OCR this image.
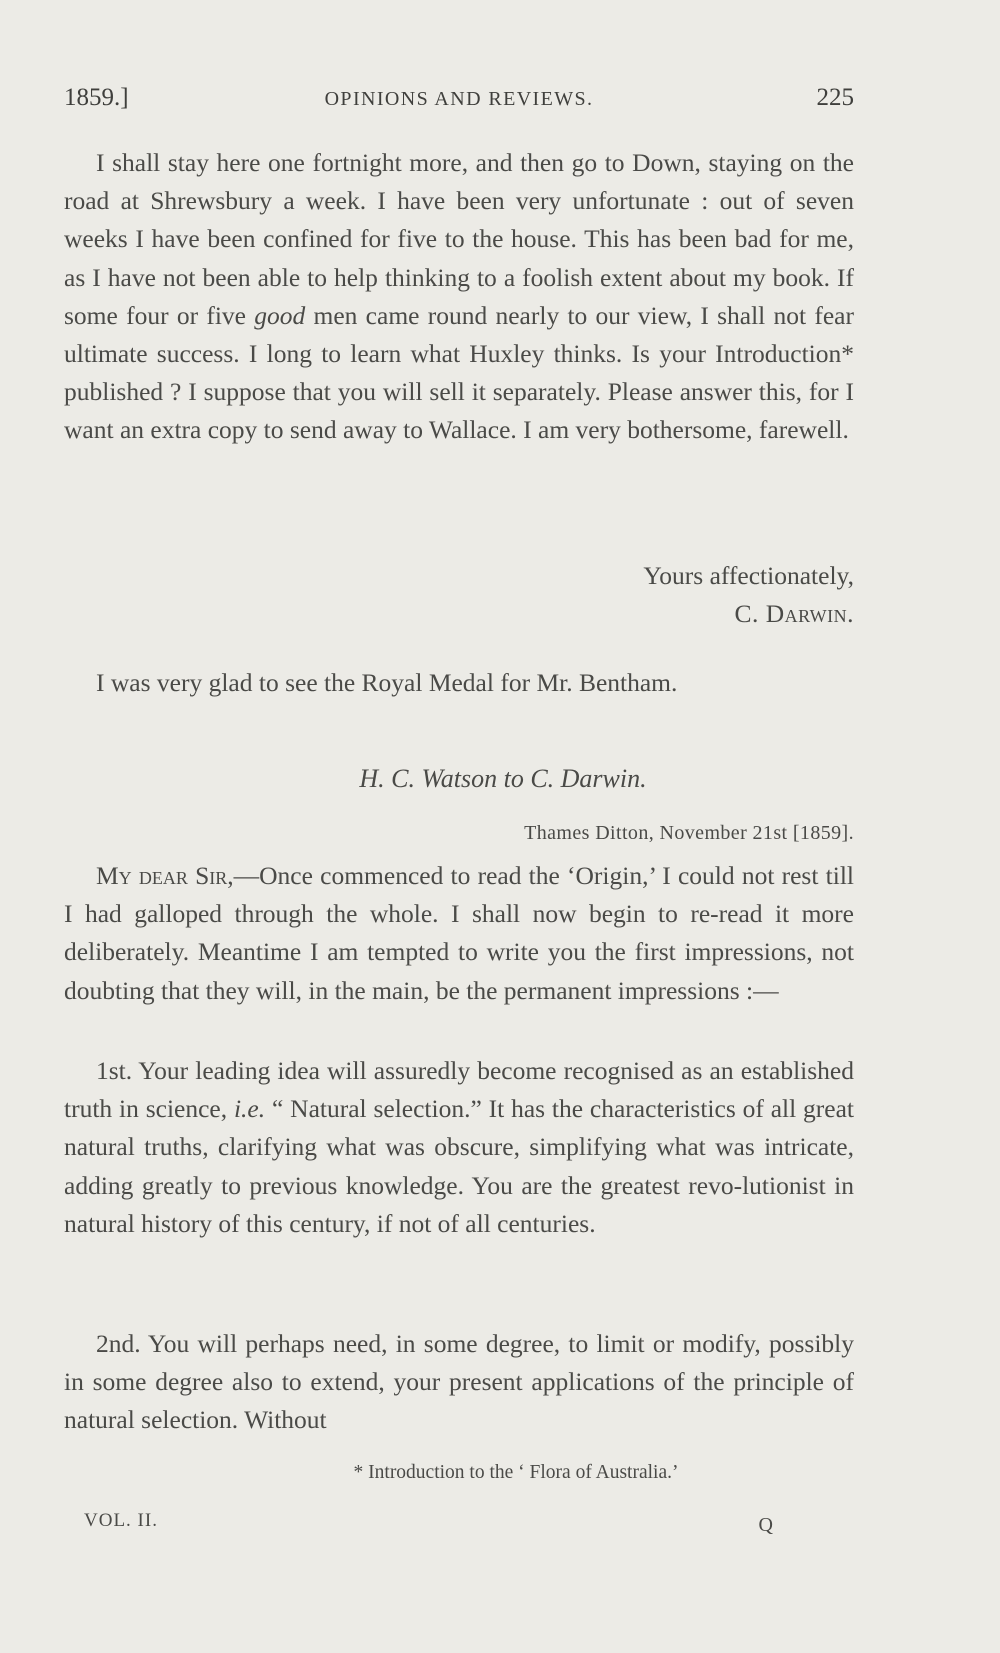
1859.]	OPINIONS AND REVIEWS.	225

I shall stay here one fortnight more, and then go to Down, staying on the road at Shrewsbury a week. I have been very unfortunate : out of seven weeks I have been confined for five to the house. This has been bad for me, as I have not been able to help thinking to a foolish extent about my book. If some four or five good men came round nearly to our view, I shall not fear ultimate success. I long to learn what Huxley thinks. Is your Introduction* published ? I suppose that you will sell it separately. Please answer this, for I want an extra copy to send away to Wallace. I am very bothersome, farewell.

Yours affectionately,
C. Darwin.

I was very glad to see the Royal Medal for Mr. Bentham.

H. C. Watson to C. Darwin.
Thames Ditton, November 21st [1859].

My dear Sir,—Once commenced to read the ‘Origin,’ I could not rest till I had galloped through the whole. I shall now begin to re-read it more deliberately. Meantime I am tempted to write you the first impressions, not doubting that they will, in the main, be the permanent impressions :—

1st. Your leading idea will assuredly become recognised as an established truth in science, i.e. “ Natural selection.” It has the characteristics of all great natural truths, clarifying what was obscure, simplifying what was intricate, adding greatly to previous knowledge. You are the greatest revo-lutionist in natural history of this century, if not of all centuries.

2nd. You will perhaps need, in some degree, to limit or modify, possibly in some degree also to extend, your present applications of the principle of natural selection. Without

* Introduction to the ‘ Flora of Australia.’
VOL. II.	Q
